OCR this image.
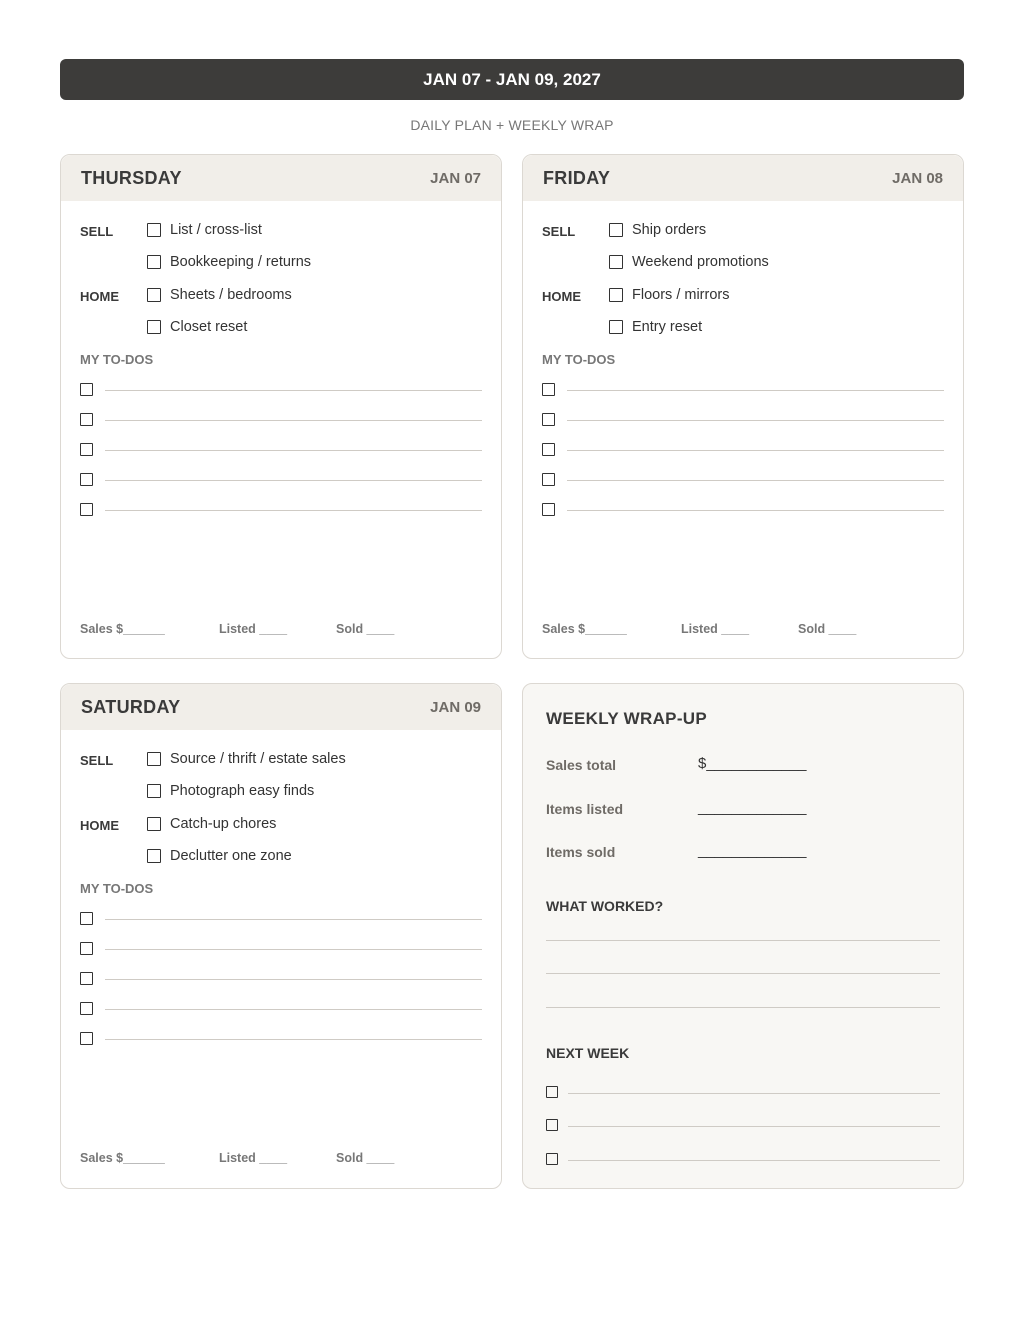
JAN 07 - JAN 09, 2027
DAILY PLAN + WEEKLY WRAP
THURSDAY	JAN 07
SELL	List / cross-list
Bookkeeping / returns
HOME	Sheets / bedrooms
Closet reset
MY TO-DOS
Sales $______	Listed ____	Sold ____
FRIDAY	JAN 08
SELL	Ship orders
Weekend promotions
HOME	Floors / mirrors
Entry reset
MY TO-DOS
Sales $______	Listed ____	Sold ____
SATURDAY	JAN 09
SELL	Source / thrift / estate sales
Photograph easy finds
HOME	Catch-up chores
Declutter one zone
MY TO-DOS
Sales $______	Listed ____	Sold ____
WEEKLY WRAP-UP
Sales total	$____________
Items listed	_____________
Items sold	_____________
WHAT WORKED?
NEXT WEEK
